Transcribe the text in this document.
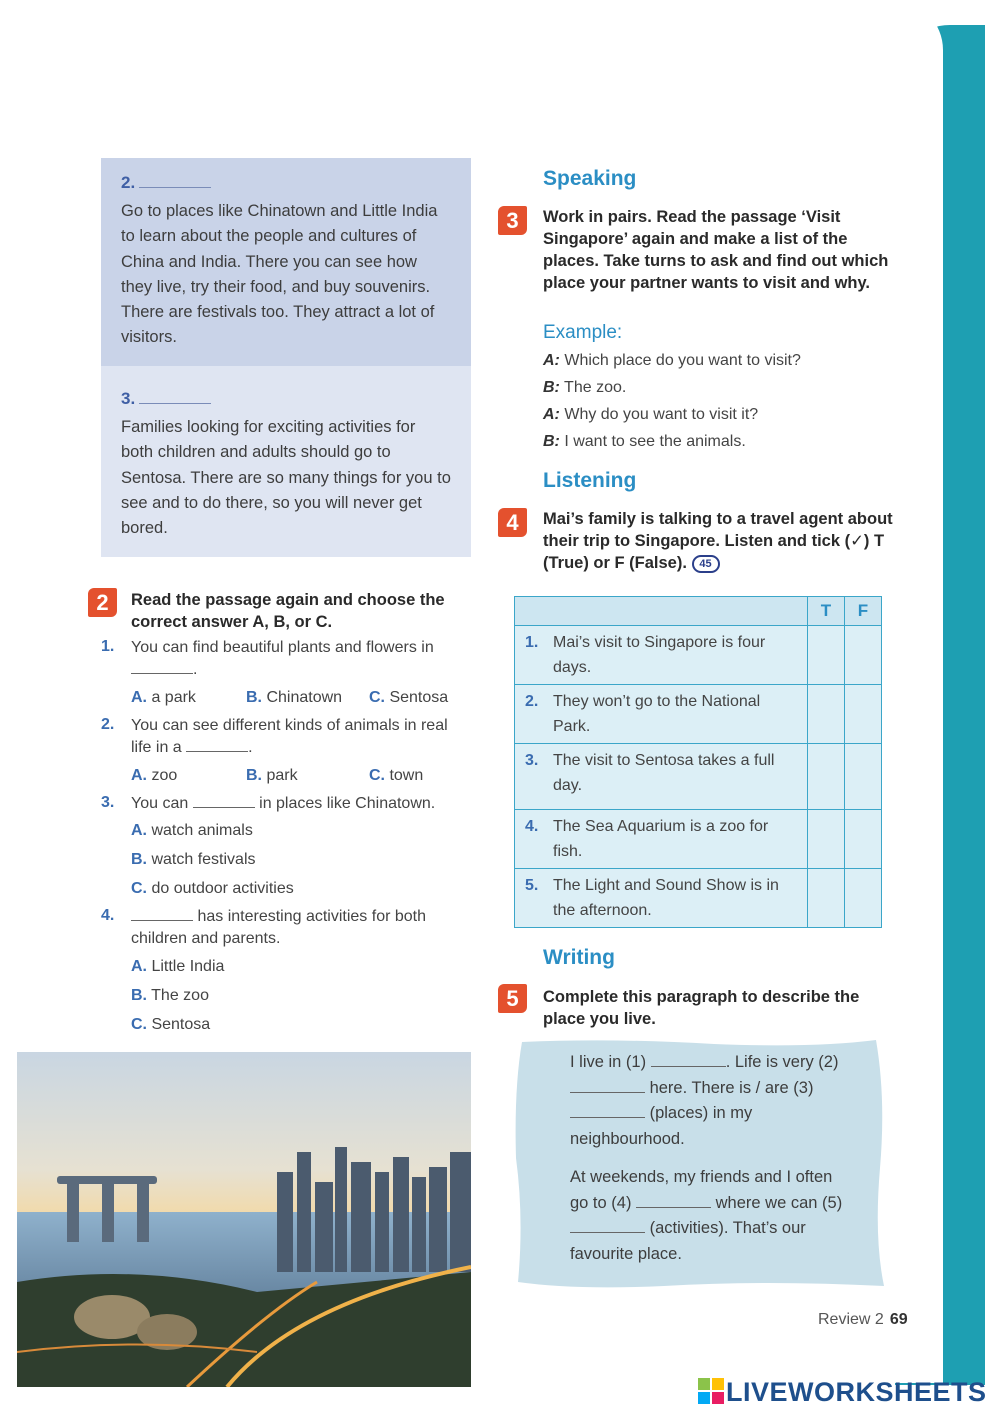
2.
Go to places like Chinatown and Little India to learn about the people and cultures of China and India. There you can see how they live, try their food, and buy souvenirs. There are festivals too. They attract a lot of visitors.
3.
Families looking for exciting activities for both children and adults should go to Sentosa. There are so many things for you to see and to do there, so you will never get bored.
2	Read the passage again and choose the correct answer A, B, or C.
1. You can find beautiful plants and flowers in .
A. a park	B. Chinatown C. Sentosa
2. You can see different kinds of animals in real life in a	.
A. zoo	B. park	C. town
3. You can	in places like Chinatown.
A. watch animals
B. watch festivals
C. do outdoor activities
4.	has interesting activities for both children and parents.
A. Little India
B. The zoo
C. Sentosa
Speaking
3	Work in pairs. Read the passage ‘Visit Singapore’ again and make a list of the places. Take turns to ask and find out which place your partner wants to visit and why.
Example:
A: Which place do you want to visit?
B: The zoo.
A: Why do you want to visit it?
B: I want to see the animals.
Listening
4	Mai’s family is talking to a travel agent about their trip to Singapore. Listen and tick (✓) T (True) or F (False). 45
	T	F
1. Mai’s visit to Singapore is four days.		
2. They won’t go to the National Park.		
3. The visit to Sentosa takes a full day.		
4. The Sea Aquarium is a zoo for fish.		
5. The Light and Sound Show is in the afternoon.		
Writing
5	Complete this paragraph to describe the place you live.
I live in (1)	. Life is very (2)  here. There is / are (3)  (places) in my neighbourhood.
At weekends, my friends and I often go to (4)	where we can (5)  (activities). That’s our favourite place.
Review 2 69
LIVEWORKSHEETS
